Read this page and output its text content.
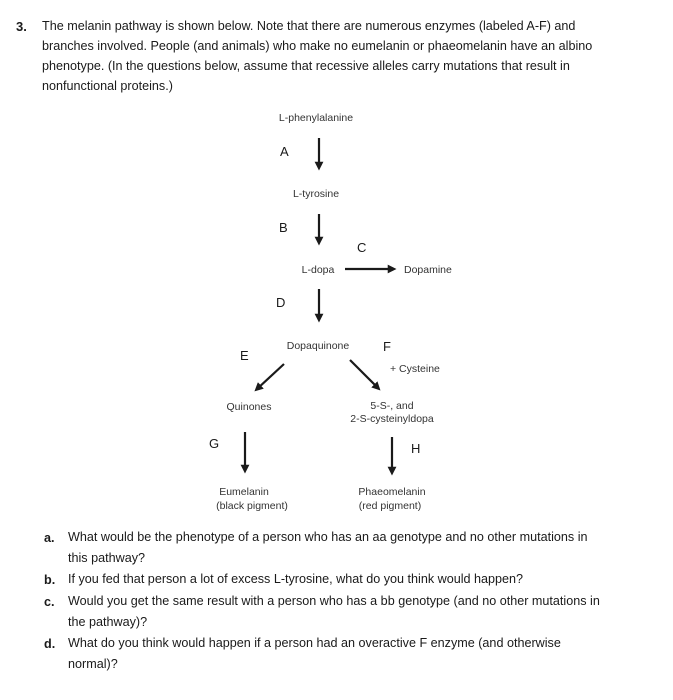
3. The melanin pathway is shown below. Note that there are numerous enzymes (labeled A-F) and
branches involved. People (and animals) who make no eumelanin or phaeomelanin have an albino
phenotype. (In the questions below, assume that recessive alleles carry mutations that result in
nonfunctional proteins.)
L-phenylalanine
L-tyrosine
L-dopa	Dopamine
Dopaquinone
+ Cysteine
Quinones	5-S-, and
2-S-cysteinyldopa
Eumelanin
(black pigment)
Phaeomelanin
(red pigment)
A
B
C
D
E
F
G	H
a. What would be the phenotype of a person who has an aa genotype and no other mutations in
this pathway?
b. If you fed that person a lot of excess L-tyrosine, what do you think would happen?
c. Would you get the same result with a person who has a bb genotype (and no other mutations in
the pathway)?
d. What do you think would happen if a person had an overactive F enzyme (and otherwise
normal)?
